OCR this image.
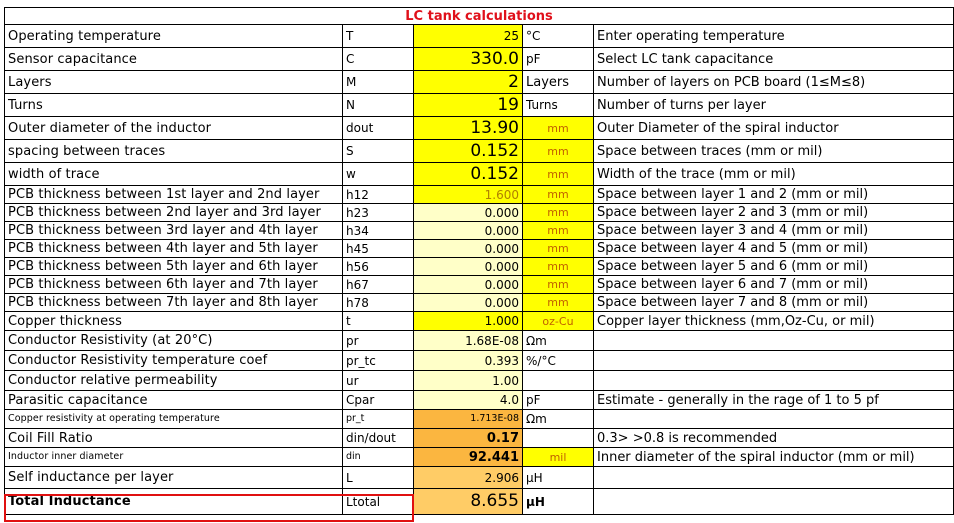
LC tank calculations				
Operating temperature	T	25	°C	Enter operating temperature
Sensor capacitance	C	330.0	pF	Select LC tank capacitance
Layers	M	2	Layers	Number of layers on PCB board (1≤M≤8)
Turns	N	19	Turns	Number of turns per layer
Outer diameter of the inductor	dout	13.90	mm	Outer Diameter of the spiral inductor
spacing between traces	S	0.152	mm	Space between traces (mm or mil)
width of trace	w	0.152	mm	Width of the trace (mm or mil)
PCB thickness between 1st layer and 2nd layer	h12	1.600	mm	Space between layer 1 and 2 (mm or mil)
PCB thickness between 2nd layer and 3rd layer	h23	0.000	mm	Space between layer 2 and 3 (mm or mil)
PCB thickness between 3rd layer and 4th layer	h34	0.000	mm	Space between layer 3 and 4 (mm or mil)
PCB thickness between 4th layer and 5th layer	h45	0.000	mm	Space between layer 4 and 5 (mm or mil)
PCB thickness between 5th layer and 6th layer	h56	0.000	mm	Space between layer 5 and 6 (mm or mil)
PCB thickness between 6th layer and 7th layer	h67	0.000	mm	Space between layer 6 and 7 (mm or mil)
PCB thickness between 7th layer and 8th layer	h78	0.000	mm	Space between layer 7 and 8 (mm or mil)
Copper thickness	t	1.000	oz-Cu	Copper layer thickness (mm,Oz-Cu, or mil)
Conductor Resistivity (at 20°C)	pr	1.68E-08	Ωm	
Conductor Resistivity temperature coef	pr_tc	0.393	%/°C	
Conductor relative permeability	ur	1.00		
Parasitic capacitance	Cpar	4.0	pF	Estimate - generally in the rage of 1 to 5 pf
Copper resistivity at operating temperature	pr_t	1.713E-08	Ωm	
Coil Fill Ratio	din/dout	0.17		0.3> >0.8 is recommended
Inductor inner diameter	din	92.441	mil	Inner diameter of the spiral inductor (mm or mil)
Self inductance per layer	L	2.906	µH	
Total Inductance	Ltotal	8.655	µH	
